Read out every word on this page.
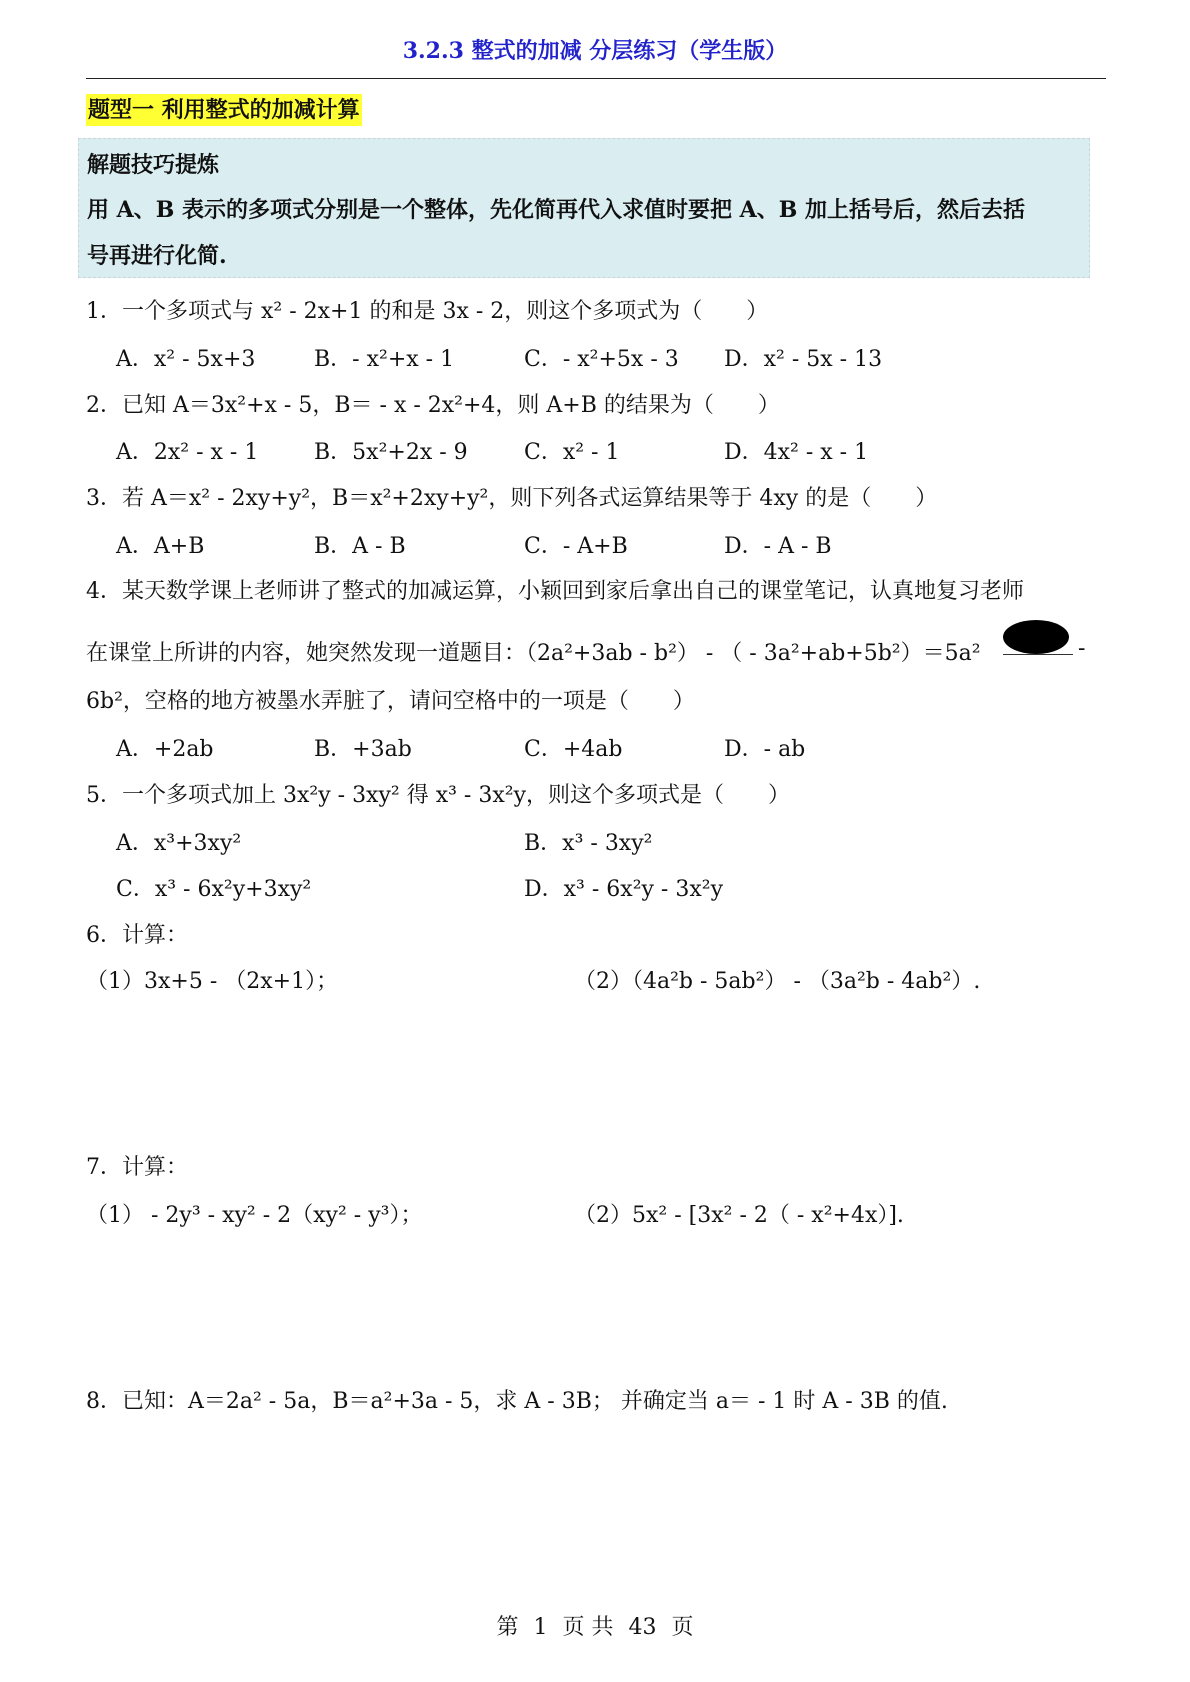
3.2.3 整式的加减 分层练习（学生版）
题型一 利用整式的加减计算
解题技巧提炼
用 A、B 表示的多项式分别是一个整体，先化简再代入求值时要把 A、B 加上括号后，然后去括
号再进行化简.
1．一个多项式与 x² - 2x+1 的和是 3x - 2，则这个多项式为（　　）
A．x² - 5x+3	B．- x²+x - 1	C．- x²+5x - 3 D．x² - 5x - 13
2．已知 A＝3x²+x - 5，B＝ - x - 2x²+4，则 A+B 的结果为（　　）
A．2x² - x - 1	B．5x²+2x - 9	C．x² - 1	D．4x² - x - 1
3．若 A＝x² - 2xy+y²，B＝x²+2xy+y²，则下列各式运算结果等于 4xy 的是（　　）
A．A+B	B．A - B	C．- A+B	D．- A - B
4．某天数学课上老师讲了整式的加减运算，小颖回到家后拿出自己的课堂笔记，认真地复习老师
在课堂上所讲的内容，她突然发现一道题目：（2a²+3ab - b²） - （ - 3a²+ab+5b²）＝5a²	-
6b²，空格的地方被墨水弄脏了，请问空格中的一项是（　　）
A．+2ab	B．+3ab	C．+4ab	D．- ab
5．一个多项式加上 3x²y - 3xy² 得 x³ - 3x²y，则这个多项式是（　　）
A．x³+3xy²	B．x³ - 3xy²
C．x³ - 6x²y+3xy²	D．x³ - 6x²y - 3x²y
6．计算：
（1）3x+5 - （2x+1）；	（2）（4a²b - 5ab²） - （3a²b - 4ab²）.
7．计算：
（1） - 2y³ - xy² - 2（xy² - y³）；	（2）5x² - [3x² - 2（ - x²+4x）].
8．已知：A＝2a² - 5a，B＝a²+3a - 5，求 A - 3B； 并确定当 a＝ - 1 时 A - 3B 的值.
第 1 页 共 43 页
